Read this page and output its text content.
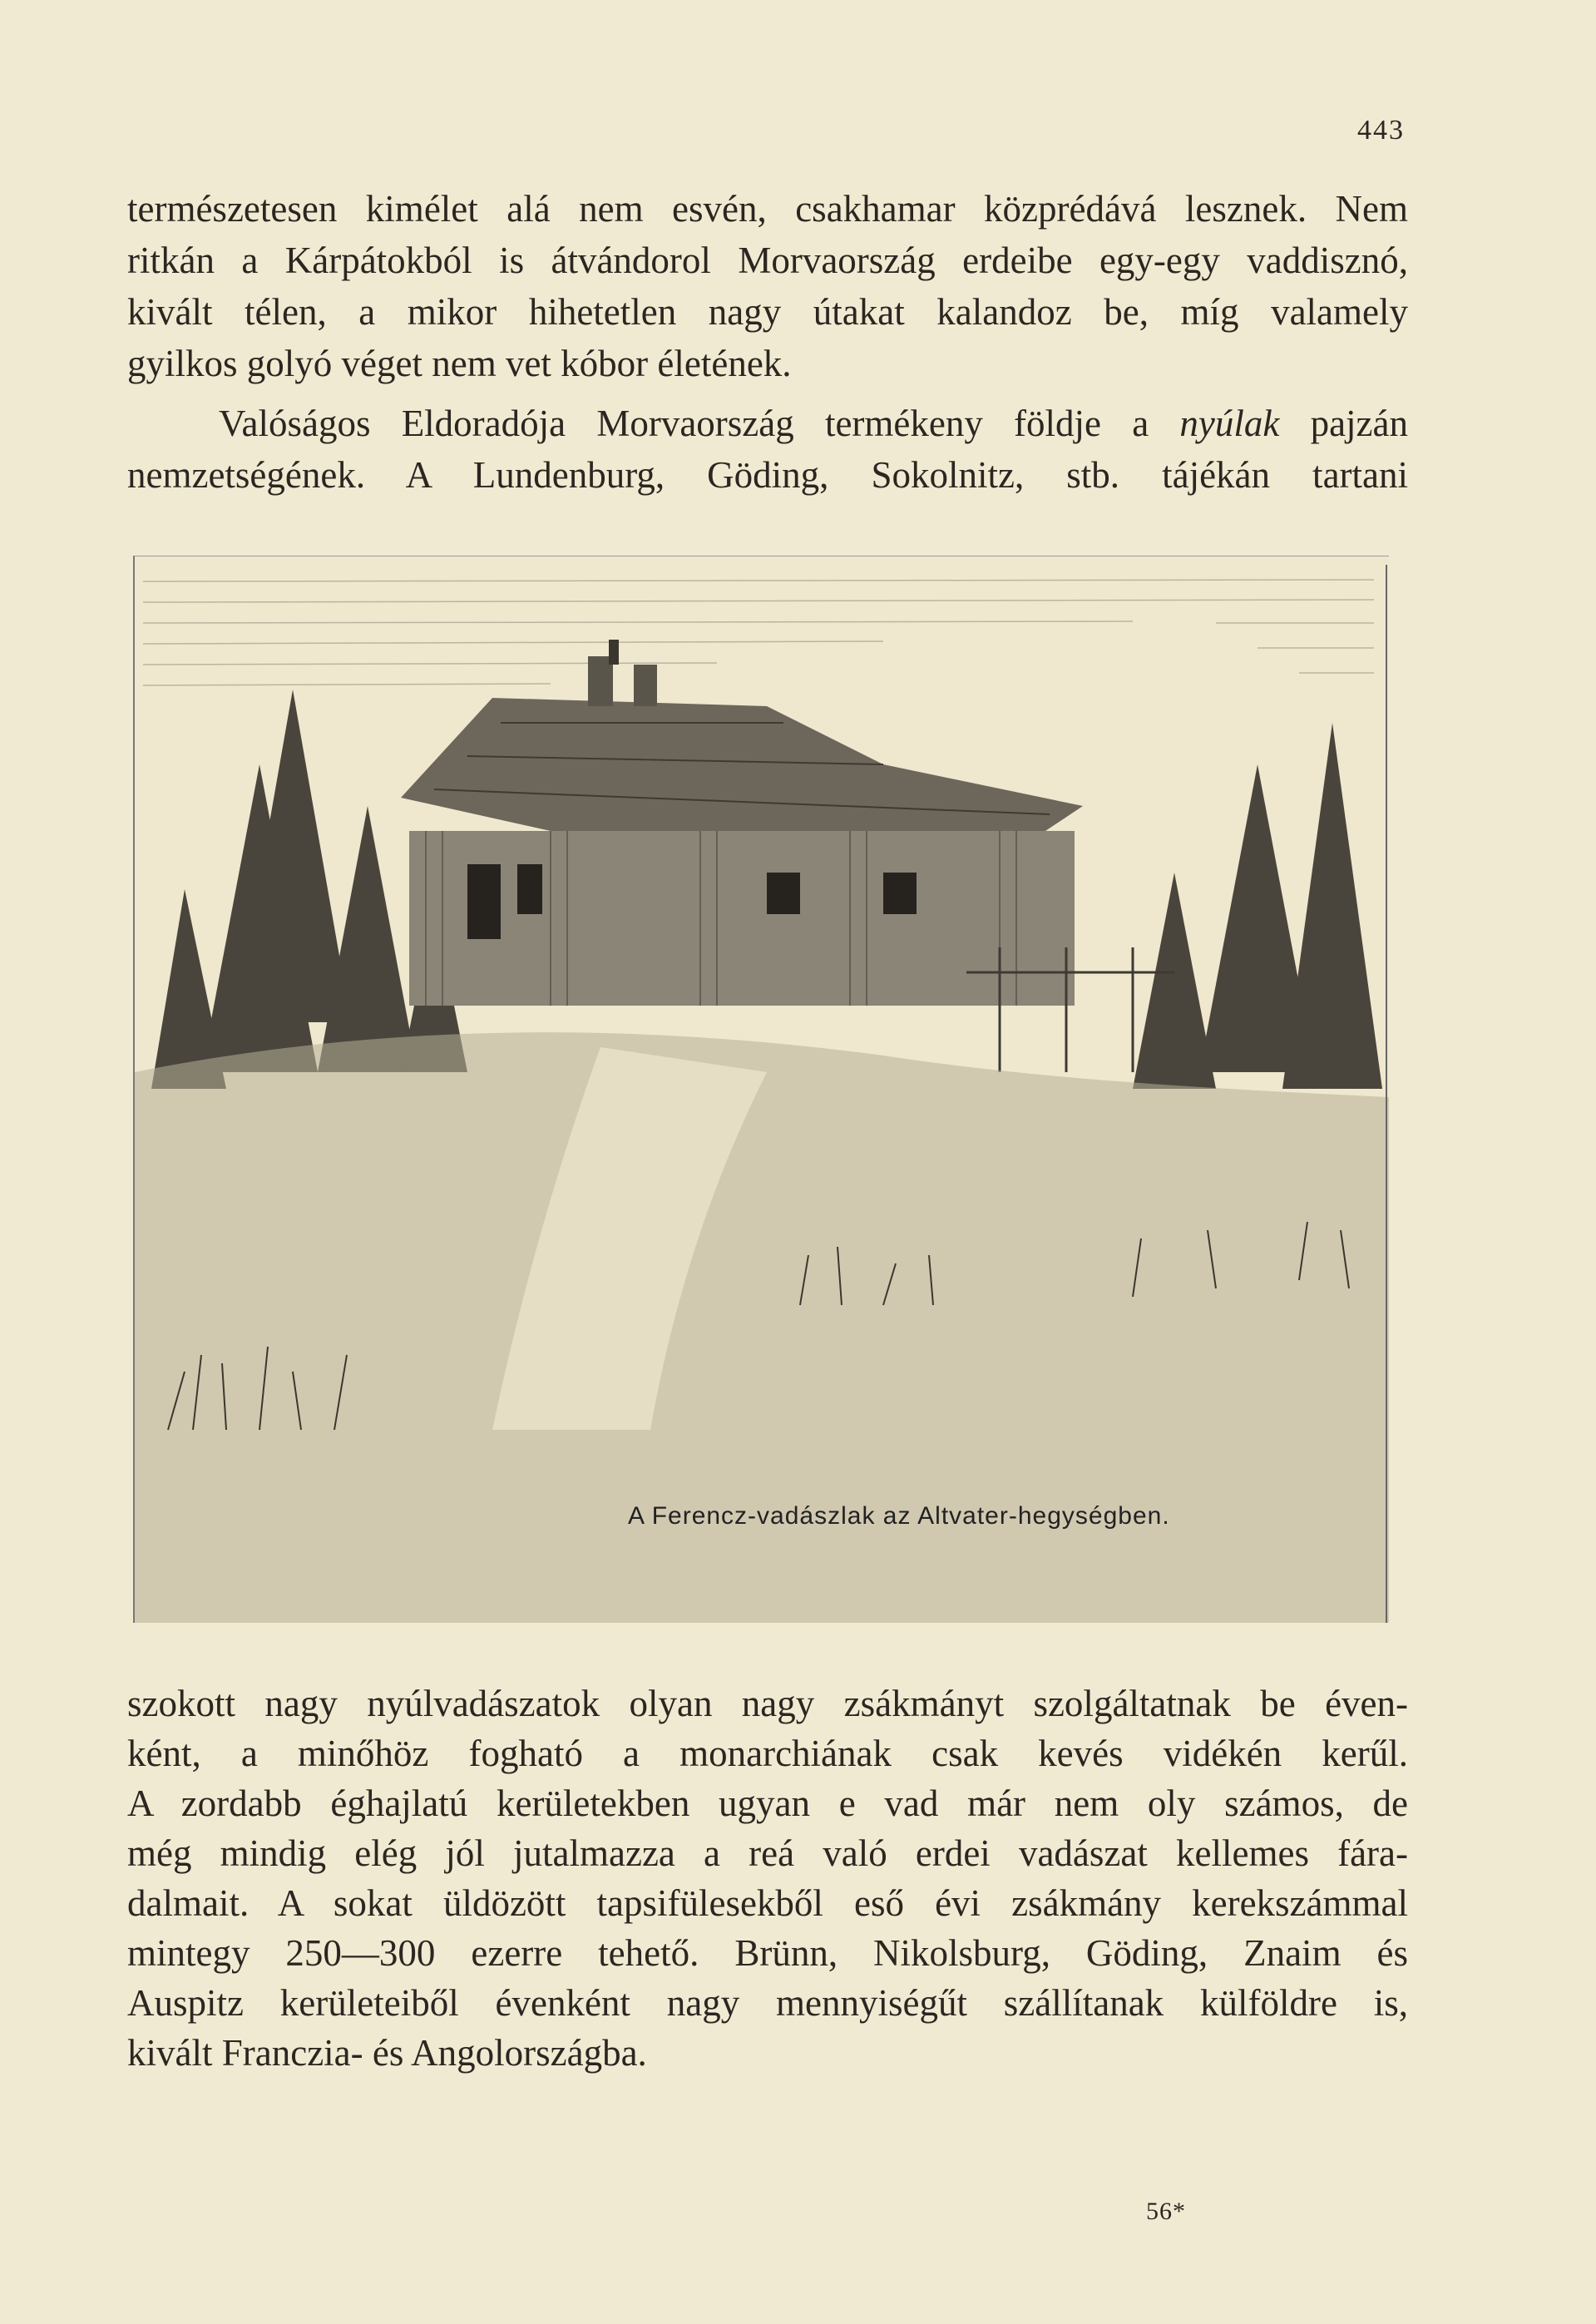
443

természetesen kimélet alá nem esvén, csakhamar közprédává lesznek. Nem
ritkán a Kárpátokból is átvándorol Morvaország erdeibe egy-egy vaddisznó,
kivált télen, a mikor hihetetlen nagy útakat kalandoz be, míg valamely
gyilkos golyó véget nem vet kóbor életének.

Valóságos Eldoradója Morvaország termékeny földje a nyúlak pajzán
nemzetségének. A Lundenburg, Göding, Sokolnitz, stb. tájékán tartani

A Ferencz-vadászlak az Altvater-hegységben.

szokott nagy nyúlvadászatok olyan nagy zsákmányt szolgáltatnak be éven-
ként, a minőhöz fogható a monarchiának csak kevés vidékén kerűl.
A zordabb éghajlatú kerületekben ugyan e vad már nem oly számos, de
még mindig elég jól jutalmazza a reá való erdei vadászat kellemes fára-
dalmait. A sokat üldözött tapsifülesekből eső évi zsákmány kerekszámmal
mintegy 250—300 ezerre tehető. Brünn, Nikolsburg, Göding, Znaim és
Auspitz kerületeiből évenként nagy mennyiségűt szállítanak külföldre is,
kivált Franczia- és Angolországba.

56*
